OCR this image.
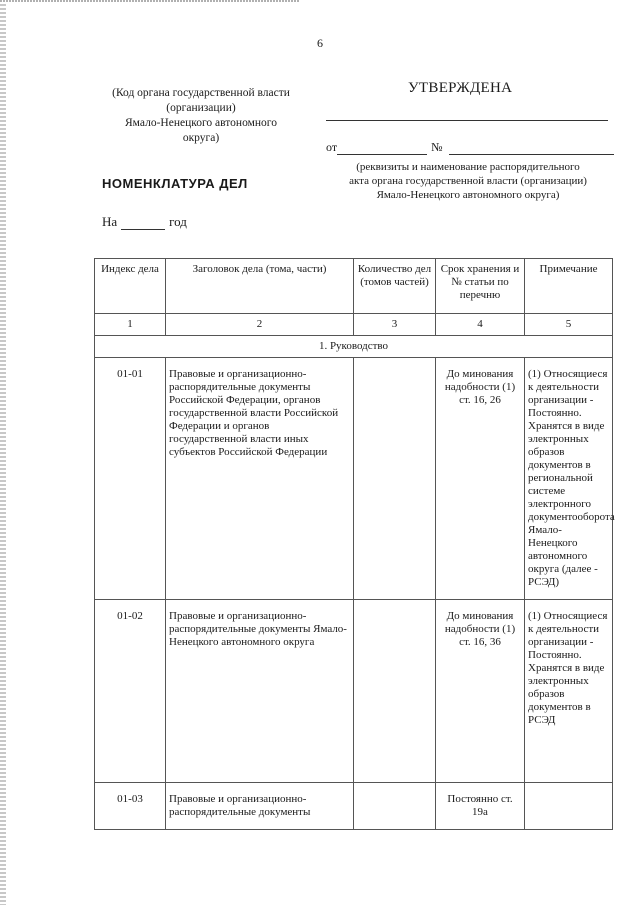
6
(Код органа государственной власти
(организации)
Ямало-Ненецкого автономного
округа)
УТВЕРЖДЕНА
от	№
(реквизиты и наименование распорядительного
акта органа государственной власти (организации)
Ямало-Ненецкого автономного округа)
НОМЕНКЛАТУРА ДЕЛ
На	год
Индекс дела	Заголовок дела (тома, части)	Количество дел (томов частей)	Срок хранения и № статьи по перечню	Примечание
1	2	3	4	5
1. Руководство				
01-01	Правовые и организационно-распорядительные документы Российской Федерации, органов государственной власти Российской Федерации и органов государственной власти иных субъектов Российской Федерации		До минования надобности (1) ст. 16, 26	(1) Относящиеся к деятельности организации - Постоянно. Хранятся в виде электронных образов документов в региональной системе электронного документооборота Ямало-Ненецкого автономного округа (далее - РСЭД)
01-02	Правовые и организационно-распорядительные документы Ямало-Ненецкого автономного округа		До минования надобности (1) ст. 16, 36	(1) Относящиеся к деятельности организации - Постоянно. Хранятся в виде электронных образов документов в РСЭД
01-03	Правовые и организационно-распорядительные документы		Постоянно ст. 19а	
